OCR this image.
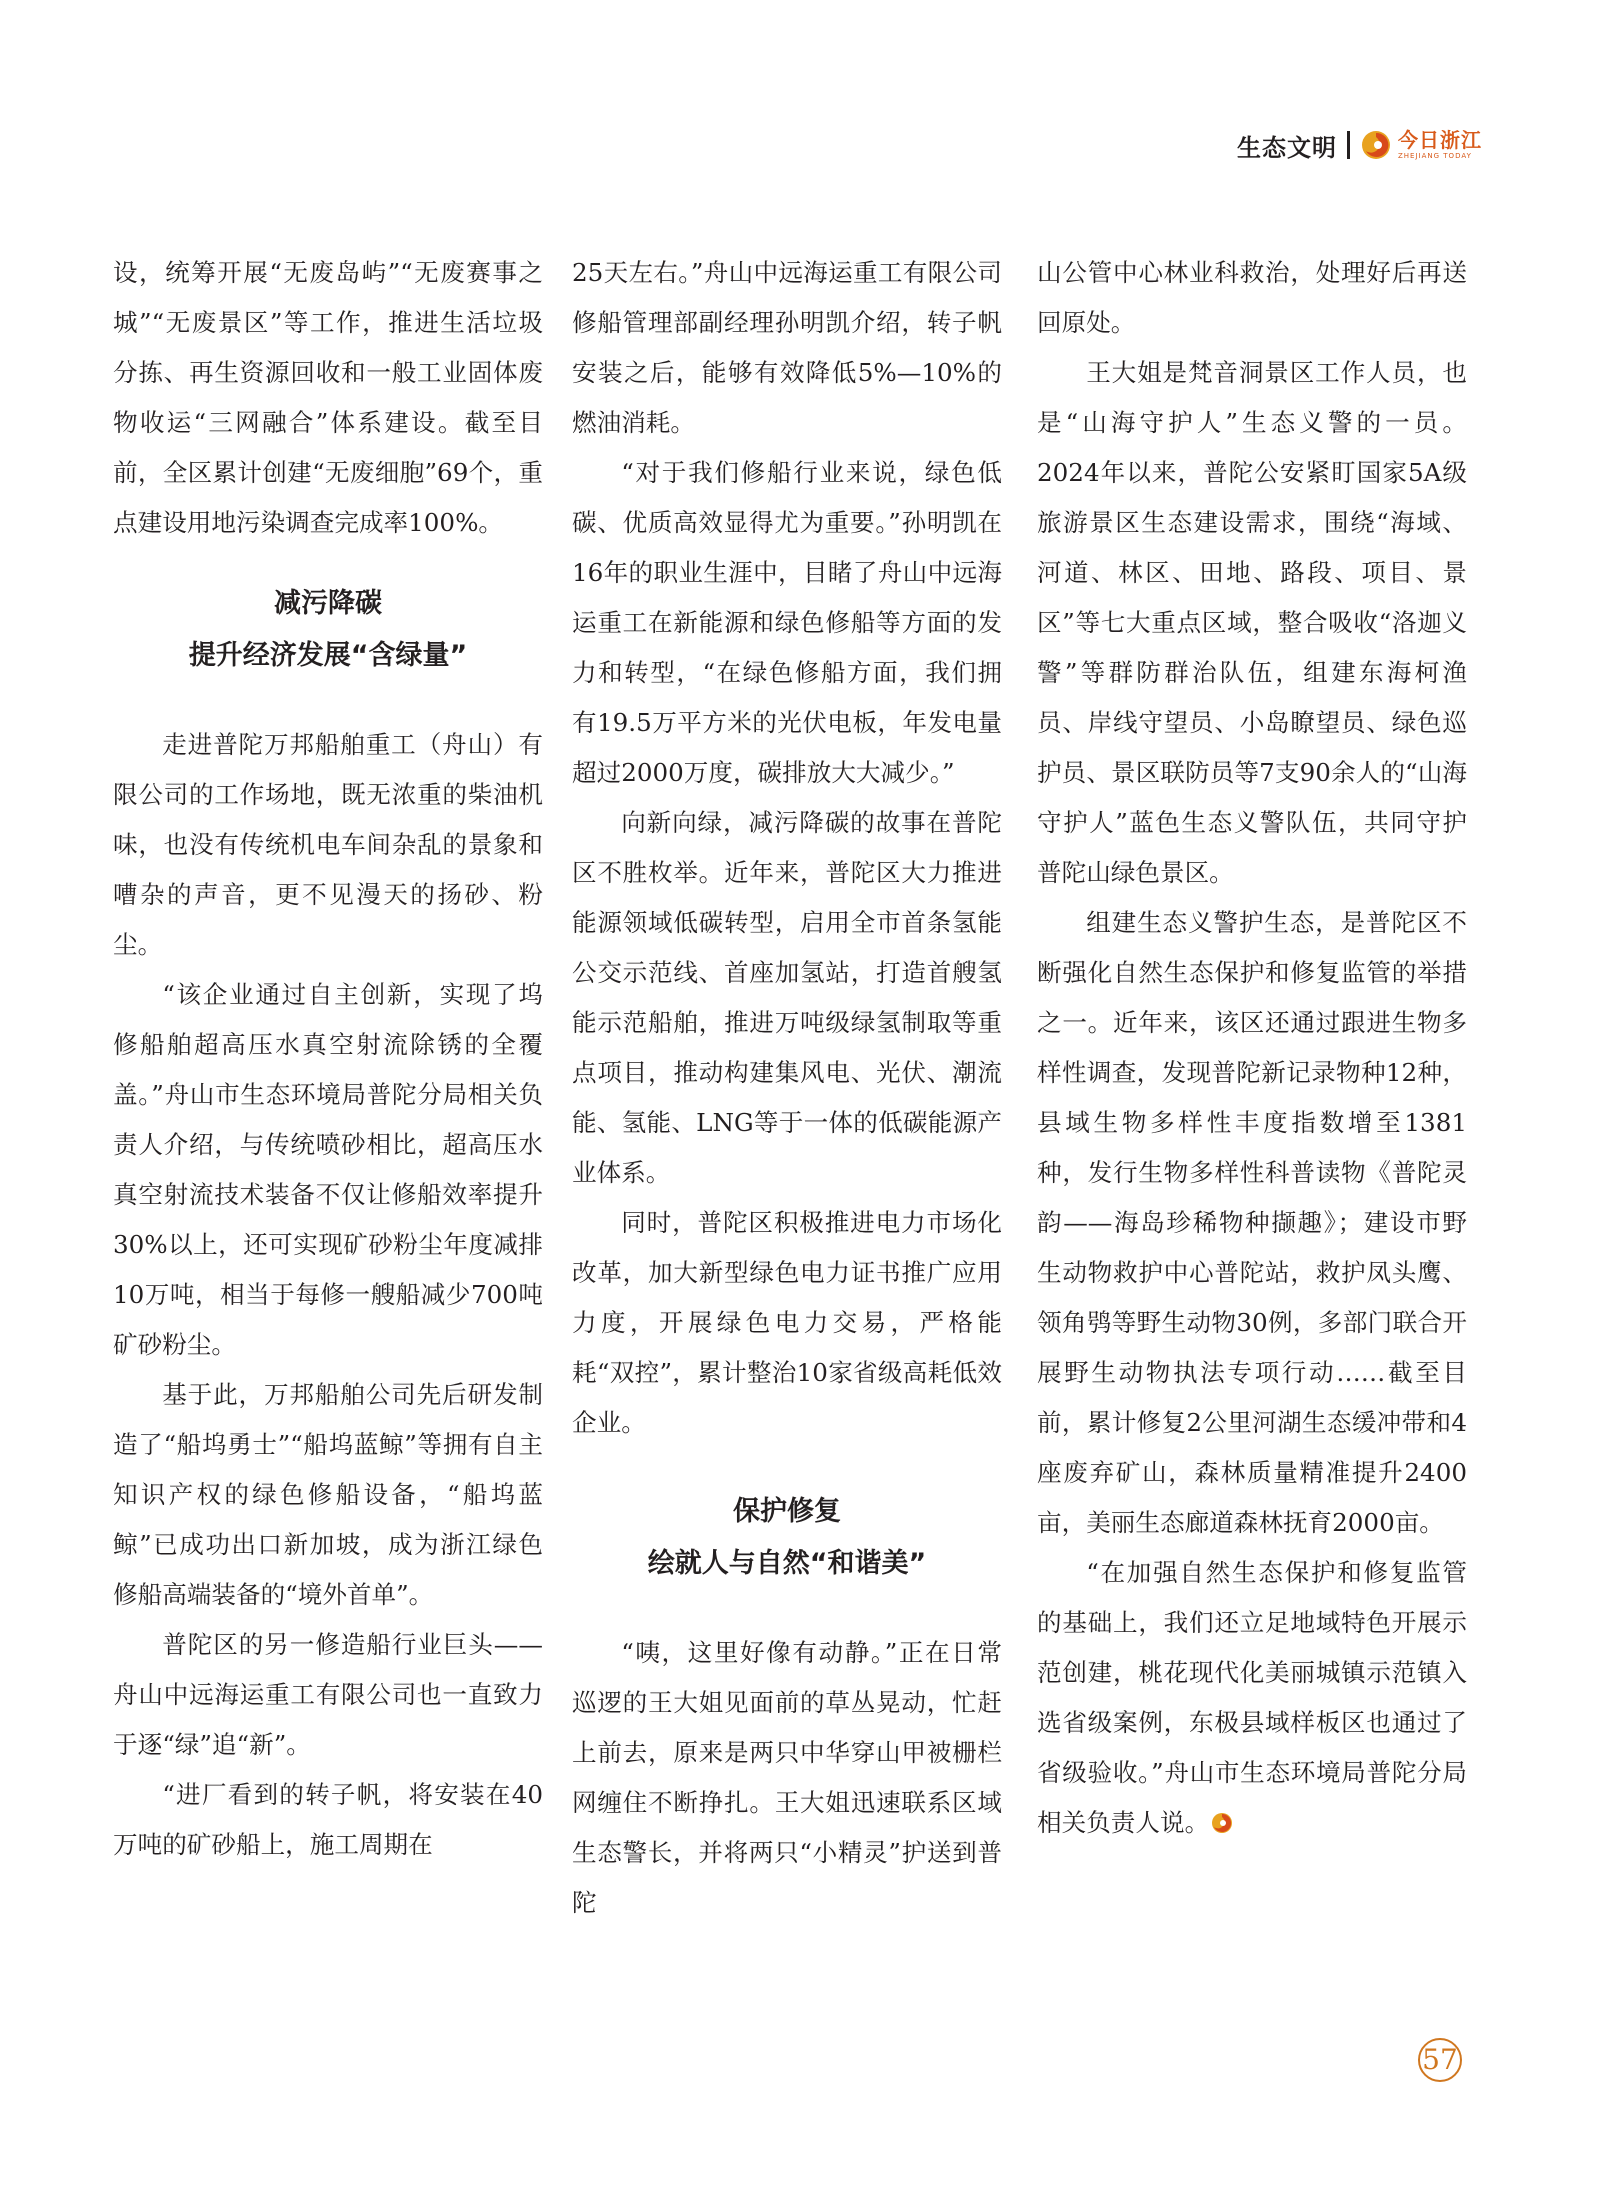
生态文明	今日浙江
ZHEJIANG TODAY

设，统筹开展“无废岛屿”“无废赛事之城”“无废景区”等工作，推进生活垃圾分拣、再生资源回收和一般工业固体废物收运“三网融合”体系建设。截至目前，全区累计创建“无废细胞”69个，重点建设用地污染调查完成率100%。

减污降碳
提升经济发展“含绿量”

走进普陀万邦船舶重工（舟山）有限公司的工作场地，既无浓重的柴油机味，也没有传统机电车间杂乱的景象和嘈杂的声音，更不见漫天的扬砂、粉尘。

“该企业通过自主创新，实现了坞修船舶超高压水真空射流除锈的全覆盖。”舟山市生态环境局普陀分局相关负责人介绍，与传统喷砂相比，超高压水真空射流技术装备不仅让修船效率提升30%以上，还可实现矿砂粉尘年度减排10万吨，相当于每修一艘船减少700吨矿砂粉尘。

基于此，万邦船舶公司先后研发制造了“船坞勇士”“船坞蓝鲸”等拥有自主知识产权的绿色修船设备，“船坞蓝鲸”已成功出口新加坡，成为浙江绿色修船高端装备的“境外首单”。

普陀区的另一修造船行业巨头——舟山中远海运重工有限公司也一直致力于逐“绿”追“新”。

“进厂看到的转子帆，将安装在40万吨的矿砂船上，施工周期在

25天左右。”舟山中远海运重工有限公司修船管理部副经理孙明凯介绍，转子帆安装之后，能够有效降低5%—10%的燃油消耗。

“对于我们修船行业来说，绿色低碳、优质高效显得尤为重要。”孙明凯在16年的职业生涯中，目睹了舟山中远海运重工在新能源和绿色修船等方面的发力和转型，“在绿色修船方面，我们拥有19.5万平方米的光伏电板，年发电量超过2000万度，碳排放大大减少。”

向新向绿，减污降碳的故事在普陀区不胜枚举。近年来，普陀区大力推进能源领域低碳转型，启用全市首条氢能公交示范线、首座加氢站，打造首艘氢能示范船舶，推进万吨级绿氢制取等重点项目，推动构建集风电、光伏、潮流能、氢能、LNG等于一体的低碳能源产业体系。

同时，普陀区积极推进电力市场化改革，加大新型绿色电力证书推广应用力度，开展绿色电力交易，严格能耗“双控”，累计整治10家省级高耗低效企业。

保护修复
绘就人与自然“和谐美”

“咦，这里好像有动静。”正在日常巡逻的王大姐见面前的草丛晃动，忙赶上前去，原来是两只中华穿山甲被栅栏网缠住不断挣扎。王大姐迅速联系区域生态警长，并将两只“小精灵”护送到普陀

山公管中心林业科救治，处理好后再送回原处。

王大姐是梵音洞景区工作人员，也是“山海守护人”生态义警的一员。2024年以来，普陀公安紧盯国家5A级旅游景区生态建设需求，围绕“海域、河道、林区、田地、路段、项目、景区”等七大重点区域，整合吸收“洛迦义警”等群防群治队伍，组建东海柯渔员、岸线守望员、小岛瞭望员、绿色巡护员、景区联防员等7支90余人的“山海守护人”蓝色生态义警队伍，共同守护普陀山绿色景区。

组建生态义警护生态，是普陀区不断强化自然生态保护和修复监管的举措之一。近年来，该区还通过跟进生物多样性调查，发现普陀新记录物种12种，县域生物多样性丰度指数增至1381种，发行生物多样性科普读物《普陀灵韵——海岛珍稀物种撷趣》；建设市野生动物救护中心普陀站，救护凤头鹰、领角鸮等野生动物30例，多部门联合开展野生动物执法专项行动……截至目前，累计修复2公里河湖生态缓冲带和4座废弃矿山，森林质量精准提升2400亩，美丽生态廊道森林抚育2000亩。

“在加强自然生态保护和修复监管的基础上，我们还立足地域特色开展示范创建，桃花现代化美丽城镇示范镇入选省级案例，东极县域样板区也通过了省级验收。”舟山市生态环境局普陀分局相关负责人说。

57
